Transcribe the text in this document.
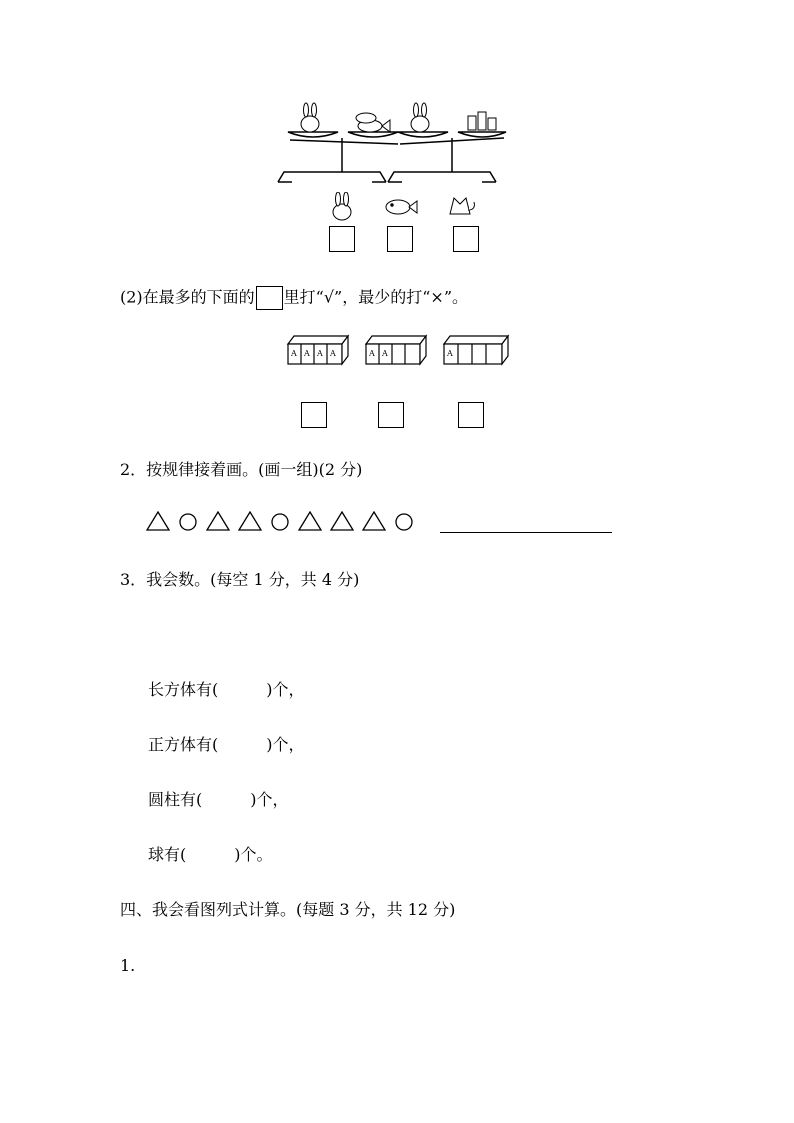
(2)在最多的下面的 里打“√”，最少的打“×”。
A A A A	A A	A
2．按规律接着画。(画一组)(2 分)
3．我会数。(每空 1 分，共 4 分)
长方体有(　　　)个，
正方体有(　　　)个，
圆柱有(　　　)个，
球有(　　　)个。
四、我会看图列式计算。(每题 3 分，共 12 分)
1.
